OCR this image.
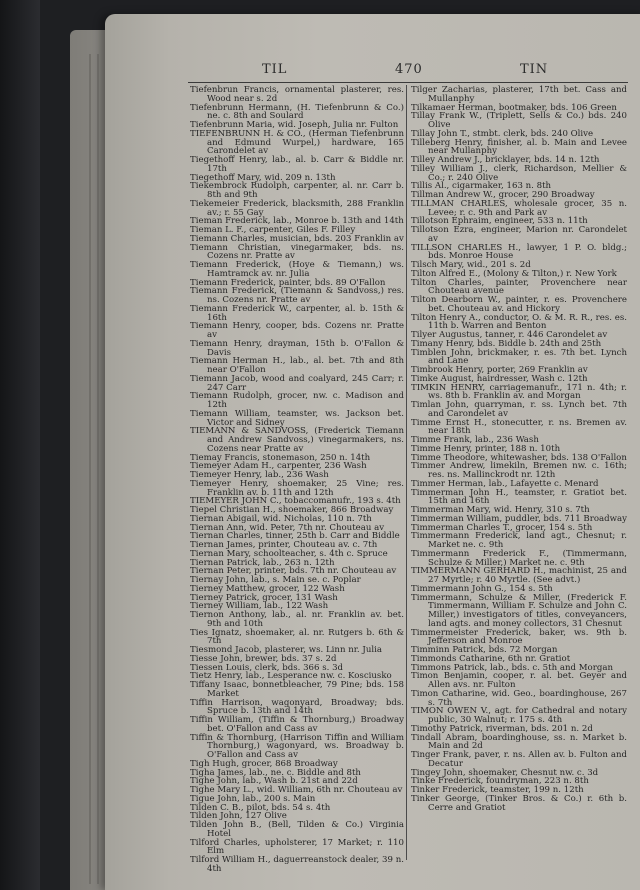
TIL	470	TIN

Tiefenbrun Francis, ornamental plasterer, res. Wood near s. 2d

Tiefenbrunn Hermann, (H. Tiefenbrunn & Co.) ne. c. 8th and Soulard

Tiefenbrunn Maria, wid. Joseph, Julia nr. Fulton

TIEFENBRUNN H. & CO., (Herman Tiefenbrunn and Edmund Wurpel,) hardware, 165 Carondelet av

Tiegethoff Henry, lab., al. b. Carr & Biddle nr. 17th

Tiegethoff Mary, wid. 209 n. 13th

Tiekembrock Rudolph, carpenter, al. nr. Carr b. 8th and 9th

Tiekemeier Frederick, blacksmith, 288 Franklin av.; r. 55 Gay

Tieman Frederick, lab., Monroe b. 13th and 14th

Tieman L. F., carpenter, Giles F. Filley

Tiemann Charles, musician, bds. 203 Franklin av

Tiemann Christian, vinegarmaker, bds. ns. Cozens nr. Pratte av

Tiemann Frederick, (Hoye & Tiemann,) ws. Hamtramck av. nr. Julia

Tiemann Frederick, painter, bds. 89 O'Fallon

Tiemann Frederick, (Tiemann & Sandvoss,) res. ns. Cozens nr. Pratte av

Tiemann Frederick W., carpenter, al. b. 15th & 16th

Tiemann Henry, cooper, bds. Cozens nr. Pratte av

Tiemann Henry, drayman, 15th b. O'Fallon & Davis

Tiemann Herman H., lab., al. bet. 7th and 8th near O'Fallon

Tiemann Jacob, wood and coalyard, 245 Carr; r. 247 Carr

Tiemann Rudolph, grocer, nw. c. Madison and 12th

Tiemann William, teamster, ws. Jackson bet. Victor and Sidney

TIEMANN & SANDVOSS, (Frederick Tiemann and Andrew Sandvoss,) vinegarmakers, ns. Cozens near Pratte av

Tiemay Francis, stonemason, 250 n. 14th

Tiemeyer Adam H., carpenter, 236 Wash

Tiemeyer Henry, lab., 236 Wash

Tiemeyer Henry, shoemaker, 25 Vine; res. Franklin av. b. 11th and 12th

TIEMEYER JOHN C., tobaccomanufr., 193 s. 4th

Tiepel Christian H., shoemaker, 866 Broadway

Tiernan Abigail, wid. Nicholas, 110 n. 7th

Tiernan Ann, wid. Peter, 7th nr. Chouteau av

Tiernan Charles, tinner, 25th b. Carr and Biddle

Tiernan James, printer, Chouteau av. c. 7th

Tiernan Mary, schoolteacher, s. 4th c. Spruce

Tiernan Patrick, lab., 263 n. 12th

Tiernan Peter, printer, bds. 7th nr. Chouteau av

Tiernay John, lab., s. Main se. c. Poplar

Tierney Matthew, grocer, 122 Wash

Tierney Patrick, grocer, 131 Wash

Tierney William, lab., 122 Wash

Tiernon Anthony, lab., al. nr. Franklin av. bet. 9th and 10th

Ties Ignatz, shoemaker, al. nr. Rutgers b. 6th & 7th

Tiesmond Jacob, plasterer, ws. Linn nr. Julia

Tiesse John, brewer, bds. 37 s. 2d

Tiessen Louis, clerk, bds. 366 s. 3d

Tietz Henry, lab., Lesperance nw. c. Kosciusko

Tiffany Isaac, bonnetbleacher, 79 Pine; bds. 158 Market

Tiffin Harrison, wagonyard, Broadway; bds. Spruce b. 13th and 14th

Tiffin William, (Tiffin & Thornburg,) Broadway bet. O'Fallon and Cass av

Tiffin & Thornburg, (Harrison Tiffin and William Thornburg,) wagonyard, ws. Broadway b. O'Fallon and Cass av

Tigh Hugh, grocer, 868 Broadway

Tigha James, lab., ne. c. Biddle and 8th

Tighe John, lab., Wash b. 21st and 22d

Tighe Mary L., wid. William, 6th nr. Chouteau av

Tigue John, lab., 200 s. Main

Tilden C. B., pilot, bds. 54 s. 4th

Tilden John, 127 Olive

Tilden John B., (Bell, Tilden & Co.) Virginia Hotel

Tilford Charles, upholsterer, 17 Market; r. 110 Elm

Tilford William H., daguerreanstock dealer, 39 n. 4th

Tilger Zacharias, plasterer, 17th bet. Cass and Mullanphy

Tilkamaer Herman, bootmaker, bds. 106 Green

Tillay Frank W., (Triplett, Sells & Co.) bds. 240 Olive

Tillay John T., stmbt. clerk, bds. 240 Olive

Tilleberg Henry, finisher, al. b. Main and Levee near Mullanphy

Tilley Andrew J., bricklayer, bds. 14 n. 12th

Tilley William J., clerk, Richardson, Mellier & Co.; r. 240 Olive

Tillis Al., cigarmaker, 163 n. 8th

Tillman Andrew W., grocer, 290 Broadway

TILLMAN CHARLES, wholesale grocer, 35 n. Levee; r. c. 9th and Park av

Tillotson Ephraim, engineer, 533 n. 11th

Tillotson Ezra, engineer, Marion nr. Carondelet av

TILLSON CHARLES H., lawyer, 1 P. O. bldg.; bds. Monroe House

Tilsch Mary, wid., 201 s. 2d

Tilton Alfred E., (Molony & Tilton,) r. New York

Tilton Charles, painter, Provenchere near Chouteau avenue

Tilton Dearborn W., painter, r. es. Provenchere bet. Chouteau av. and Hickory

Tilton Henry A., conductor, O. & M. R. R., res. es. 11th b. Warren and Benton

Tilyer Augustus, tanner, r. 446 Carondelet av

Timany Henry, bds. Biddle b. 24th and 25th

Timblen John, brickmaker, r. es. 7th bet. Lynch and Lane

Timbrook Henry, porter, 269 Franklin av

Timke August, hairdresser, Wash c. 12th

TIMKIN HENRY, carriagemanufr., 171 n. 4th; r. ws. 8th b. Franklin av. and Morgan

Timlan John, quarryman, r. ss. Lynch bet. 7th and Carondelet av

Timme Ernst H., stonecutter, r. ns. Bremen av. near 18th

Timme Frank, lab., 236 Wash

Timme Henry, printer, 188 n. 10th

Timme Theodore, whitewasher, bds. 138 O'Fallon

Timmer Andrew, limekiln, Bremen nw. c. 16th; res. ns. Mallinckrodt nr. 12th

Timmer Herman, lab., Lafayette c. Menard

Timmerman John H., teamster, r. Gratiot bet. 15th and 16th

Timmerman Mary, wid. Henry, 310 s. 7th

Timmerman William, puddler, bds. 711 Broadway

Timmerman Charles T., grocer, 154 s. 5th

Timmermann Frederick, land agt., Chesnut; r. Market ne. c. 9th

Timmermann Frederick F., (Timmermann, Schulze & Miller,) Market ne. c. 9th

TIMMERMANN GERHARD H., machinist, 25 and 27 Myrtle; r. 40 Myrtle. (See advt.)

Timmermann John G., 154 s. 5th

Timmermann, Schulze & Miller, (Frederick F. Timmermann, William F. Schulze and John C. Miller,) investigators of titles, conveyancers, land agts. and money collectors, 31 Chesnut

Timmermeister Frederick, baker, ws. 9th b. Jefferson and Monroe

Timminn Patrick, bds. 72 Morgan

Timmonds Catharine, 6th nr. Gratiot

Timmons Patrick, lab., bds. c. 5th and Morgan

Timon Benjamin, cooper, r. al. bet. Geyer and Allen avs. nr. Fulton

Timon Catharine, wid. Geo., boardinghouse, 267 s. 7th

TIMON OWEN V., agt. for Cathedral and notary public, 30 Walnut; r. 175 s. 4th

Timothy Patrick, riverman, bds. 201 n. 2d

Tindall Abram, boardinghouse, ss. n. Market b. Main and 2d

Tinger Frank, paver, r. ns. Allen av. b. Fulton and Decatur

Tingey John, shoemaker, Chesnut nw. c. 3d

Tinke Frederick, foundryman, 223 n. 8th

Tinker Frederick, teamster, 199 n. 12th

Tinker George, (Tinker Bros. & Co.) r. 6th b. Cerre and Gratiot
